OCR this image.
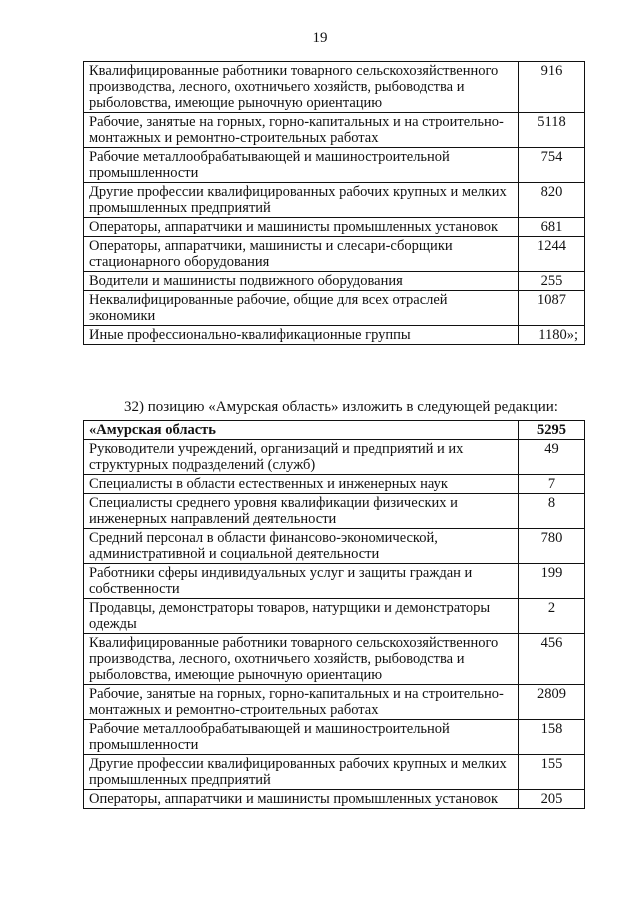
19
Квалифицированные работники товарного сельскохозяйственного производства, лесного, охотничьего хозяйств, рыбоводства и рыболовства, имеющие рыночную ориентацию	916
Рабочие, занятые на горных, горно-капитальных и на строительно-монтажных и ремонтно-строительных работах	5118
Рабочие металлообрабатывающей и машиностроительной промышленности	754
Другие профессии квалифицированных рабочих крупных и мелких промышленных предприятий	820
Операторы, аппаратчики и машинисты промышленных установок	681
Операторы, аппаратчики, машинисты и слесари-сборщики стационарного оборудования	1244
Водители и машинисты подвижного оборудования	255
Неквалифицированные рабочие, общие для всех отраслей экономики	1087
Иные профессионально-квалификационные группы	1180»;
32) позицию «Амурская область» изложить в следующей редакции:
«Амурская область	5295
Руководители учреждений, организаций и предприятий и их структурных подразделений (служб)	49
Специалисты в области естественных и инженерных наук	7
Специалисты среднего уровня квалификации физических и инженерных направлений деятельности	8
Средний персонал в области финансово-экономической, административной и социальной деятельности	780
Работники сферы индивидуальных услуг и защиты граждан и собственности	199
Продавцы, демонстраторы товаров, натурщики и демонстраторы одежды	2
Квалифицированные работники товарного сельскохозяйственного производства, лесного, охотничьего хозяйств, рыбоводства и рыболовства, имеющие рыночную ориентацию	456
Рабочие, занятые на горных, горно-капитальных и на строительно-монтажных и ремонтно-строительных работах	2809
Рабочие металлообрабатывающей и машиностроительной промышленности	158
Другие профессии квалифицированных рабочих крупных и мелких промышленных предприятий	155
Операторы, аппаратчики и машинисты промышленных установок	205
